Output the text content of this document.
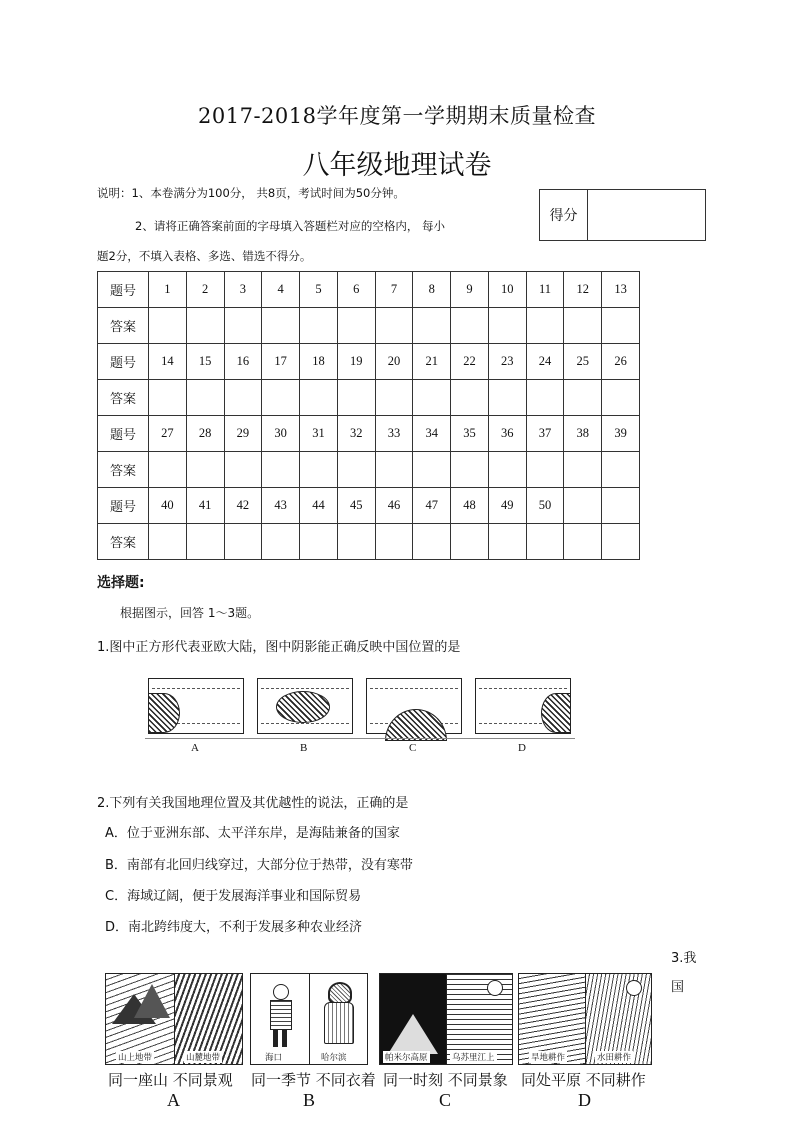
2017-2018学年度第一学期期末质量检查
八年级地理试卷
说明：1、本卷满分为100分， 共8页，考试时间为50分钟。
2、请将正确答案前面的字母填入答题栏对应的空格内， 每小
题2分，不填入表格、多选、错选不得分。
得分
题号	1	2	3	4	5	6	7	8	9	10	11	12	13
答案													
题号	14	15	16	17	18	19	20	21	22	23	24	25	26
答案													
题号	27	28	29	30	31	32	33	34	35	36	37	38	39
答案													
题号	40	41	42	43	44	45	46	47	48	49	50		
答案													
选择题:
根据图示，回答 1～3题。
1.图中正方形代表亚欧大陆，图中阴影能正确反映中国位置的是
A	B	C	D
2.下列有关我国地理位置及其优越性的说法，正确的是
A．位于亚洲东部、太平洋东岸，是海陆兼备的国家
B．南部有北回归线穿过，大部分位于热带，没有寒带
C．海域辽阔，便于发展海洋事业和国际贸易
D．南北跨纬度大，不利于发展多种农业经济
3.我
国
山上地带	山麓地带	海口	哈尔滨	帕米尔高原	乌苏里江上	旱地耕作	水田耕作
同一座山 不同景观 同一季节 不同衣着 同一时刻 不同景象 同处平原 不同耕作
A	B	C	D
